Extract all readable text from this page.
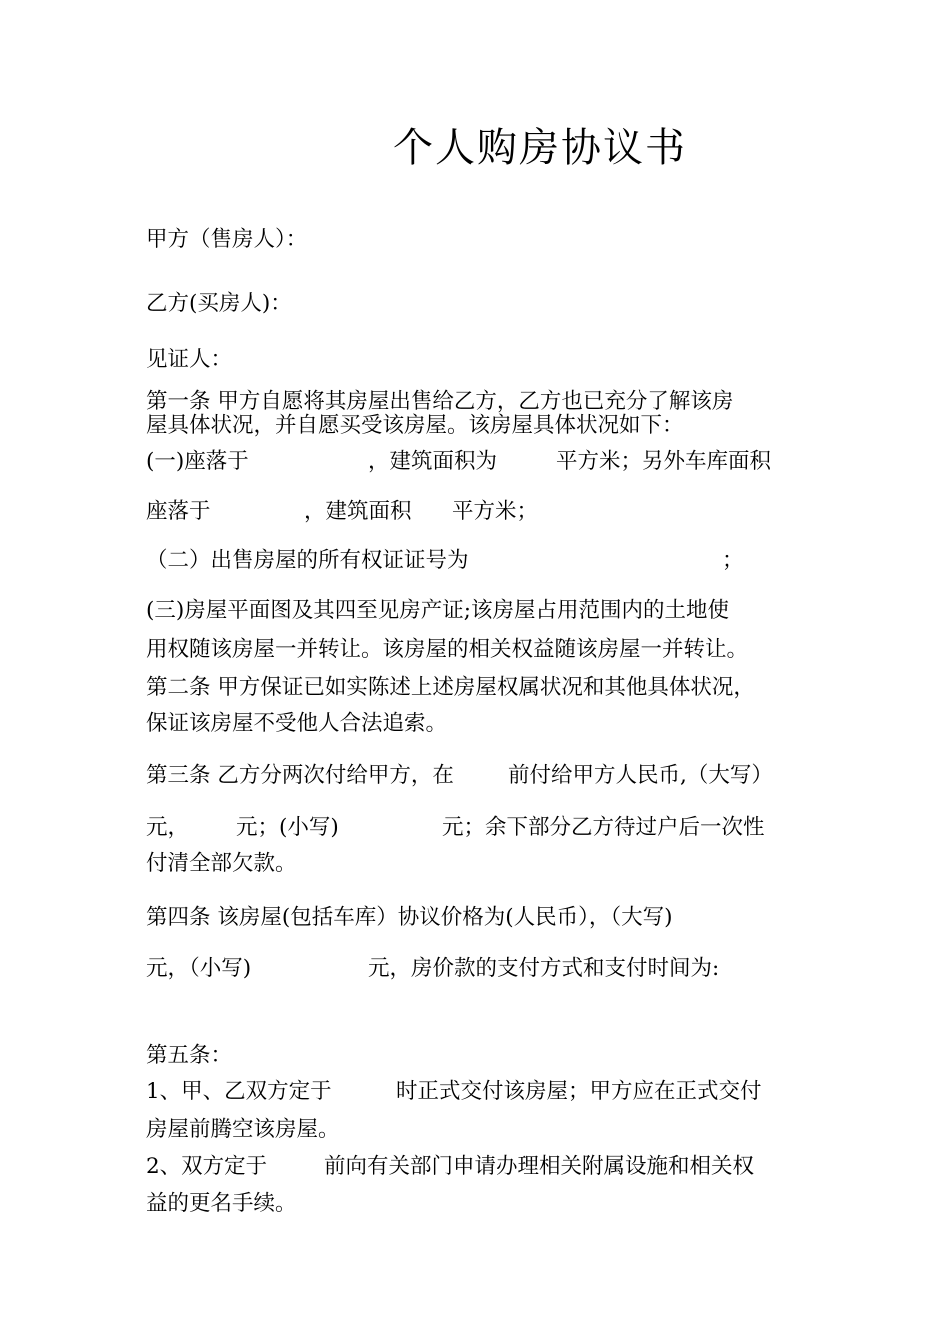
个人购房协议书
甲方（售房人）：
乙方(买房人)：
见证人：
第一条 甲方自愿将其房屋出售给乙方，乙方也已充分了解该房
屋具体状况，并自愿买受该房屋。该房屋具体状况如下：
(一)座落于	，建筑面积为	平方米；另外车库面积
座落于	，建筑面积 平方米；
（二）出售房屋的所有权证证号为	；
(三)房屋平面图及其四至见房产证;该房屋占用范围内的土地使
用权随该房屋一并转让。该房屋的相关权益随该房屋一并转让。
第二条 甲方保证已如实陈述上述房屋权属状况和其他具体状况，
保证该房屋不受他人合法追索。
第三条 乙方分两次付给甲方，在	前付给甲方人民币,（大写）
元， 元；(小写)	元；余下部分乙方待过户后一次性
付清全部欠款。
第四条 该房屋(包括车库）协议价格为(人民币），（大写)
元，（小写)	元，房价款的支付方式和支付时间为:
第五条：
1、甲、乙双方定于	时正式交付该房屋；甲方应在正式交付
房屋前腾空该房屋。
2、双方定于	前向有关部门申请办理相关附属设施和相关权
益的更名手续。
